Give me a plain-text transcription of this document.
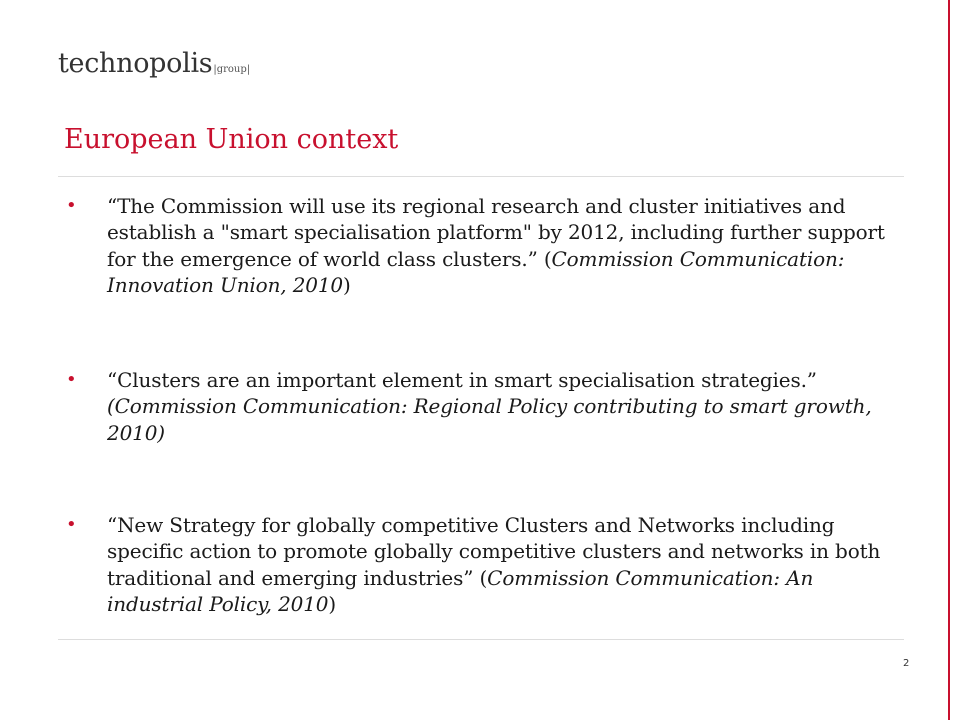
technopolis|group|
European Union context
• “The Commission will use its regional research and cluster initiatives and establish a "smart specialisation platform" by 2012, including further support for the emergence of world class clusters.” (Commission Communication: Innovation Union, 2010)
• “Clusters are an important element in smart specialisation strategies.” (Commission Communication: Regional Policy contributing to smart growth, 2010)
• “New Strategy for globally competitive Clusters and Networks including specific action to promote globally competitive clusters and networks in both traditional and emerging industries” (Commission Communication: An industrial Policy, 2010)
2
